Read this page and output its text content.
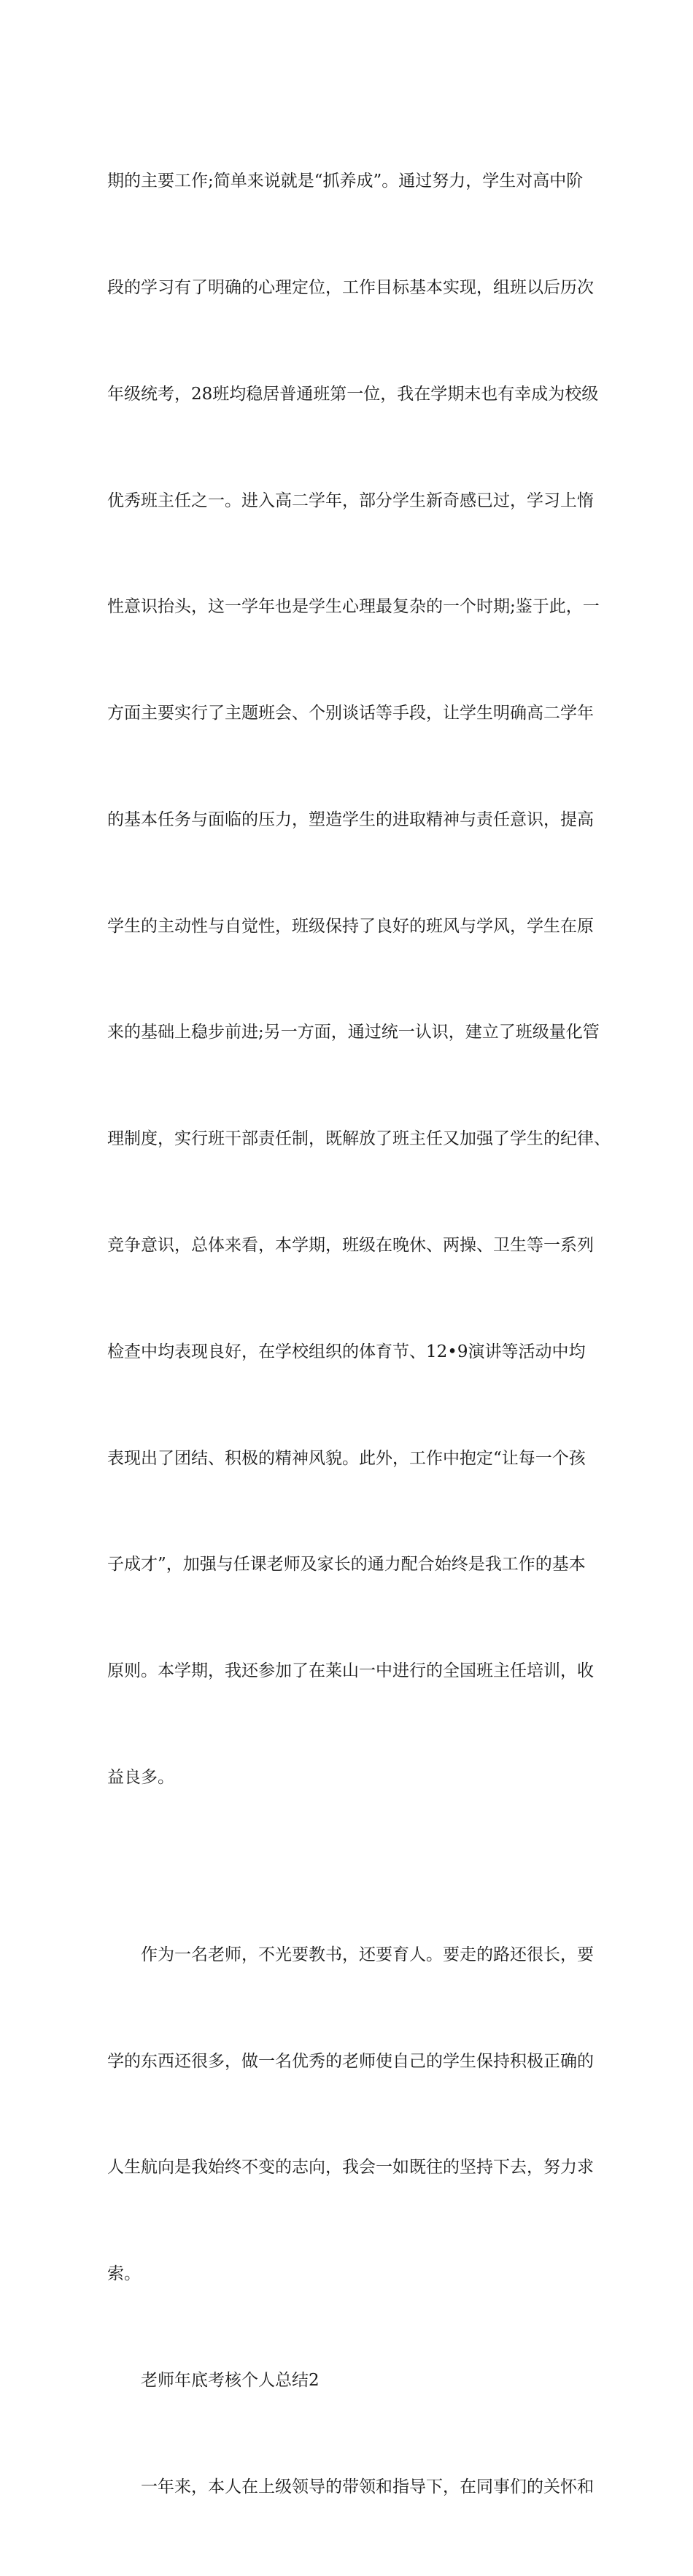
期的主要工作;简单来说就是“抓养成”。通过努力，学生对高中阶

段的学习有了明确的心理定位，工作目标基本实现，组班以后历次

年级统考，28班均稳居普通班第一位，我在学期末也有幸成为校级

优秀班主任之一。进入高二学年，部分学生新奇感已过，学习上惰

性意识抬头，这一学年也是学生心理最复杂的一个时期;鉴于此，一

方面主要实行了主题班会、个别谈话等手段，让学生明确高二学年

的基本任务与面临的压力，塑造学生的进取精神与责任意识，提高

学生的主动性与自觉性，班级保持了良好的班风与学风，学生在原

来的基础上稳步前进;另一方面，通过统一认识，建立了班级量化管

理制度，实行班干部责任制，既解放了班主任又加强了学生的纪律、

竞争意识，总体来看，本学期，班级在晚休、两操、卫生等一系列

检查中均表现良好，在学校组织的体育节、12•9演讲等活动中均

表现出了团结、积极的精神风貌。此外，工作中抱定“让每一个孩

子成才”，加强与任课老师及家长的通力配合始终是我工作的基本

原则。本学期，我还参加了在莱山一中进行的全国班主任培训，收

益良多。

作为一名老师，不光要教书，还要育人。要走的路还很长，要

学的东西还很多，做一名优秀的老师使自己的学生保持积极正确的

人生航向是我始终不变的志向，我会一如既往的坚持下去，努力求

索。

老师年底考核个人总结2

一年来，本人在上级领导的带领和指导下，在同事们的关怀和
